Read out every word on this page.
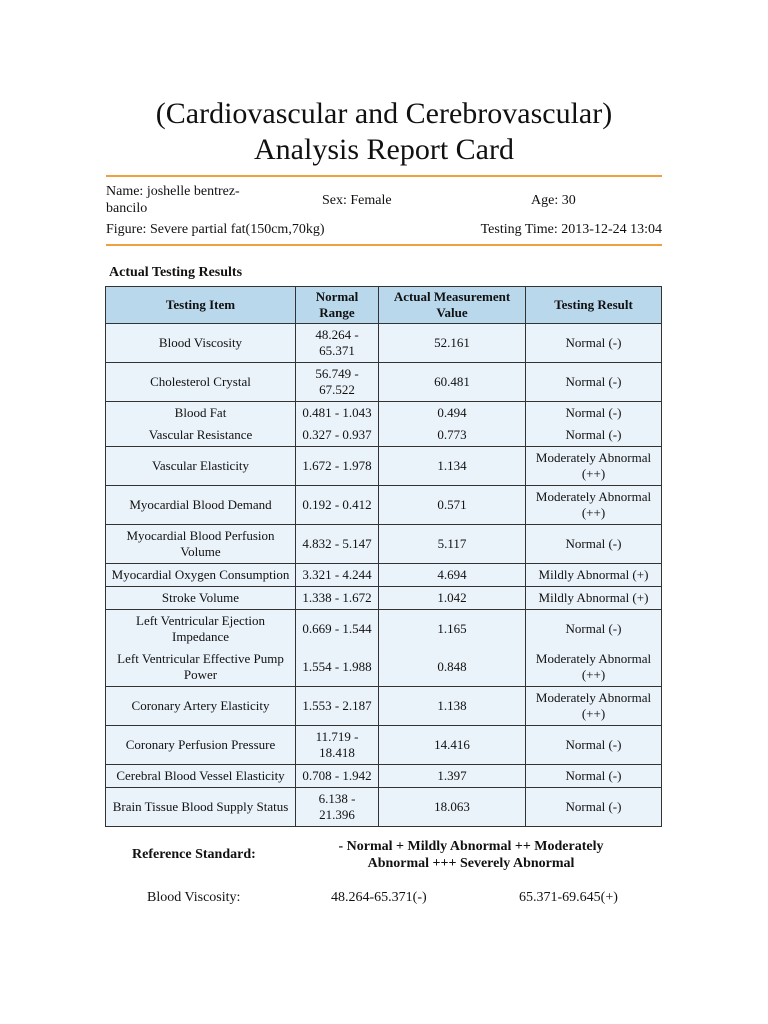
(Cardiovascular and Cerebrovascular)
Analysis Report Card
Name: joshelle bentrez-bancilo
Sex: Female	Age: 30
Figure: Severe partial fat(150cm,70kg)	Testing Time: 2013-12-24 13:04
Actual Testing Results
Testing Item	Normal Range	Actual Measurement Value	Testing Result
Blood Viscosity	48.264 - 65.371	52.161	Normal (-)
Cholesterol Crystal	56.749 - 67.522	60.481	Normal (-)
Blood Fat	0.481 - 1.043	0.494	Normal (-)
Vascular Resistance	0.327 - 0.937	0.773	Normal (-)
Vascular Elasticity	1.672 - 1.978	1.134	Moderately Abnormal (++)
Myocardial Blood Demand	0.192 - 0.412	0.571	Moderately Abnormal (++)
Myocardial Blood Perfusion Volume	4.832 - 5.147	5.117	Normal (-)
Myocardial Oxygen Consumption	3.321 - 4.244	4.694	Mildly Abnormal (+)
Stroke Volume	1.338 - 1.672	1.042	Mildly Abnormal (+)
Left Ventricular Ejection Impedance	0.669 - 1.544	1.165	Normal (-)
Left Ventricular Effective Pump Power	1.554 - 1.988	0.848	Moderately Abnormal (++)
Coronary Artery Elasticity	1.553 - 2.187	1.138	Moderately Abnormal (++)
Coronary Perfusion Pressure	11.719 - 18.418	14.416	Normal (-)
Cerebral Blood Vessel Elasticity	0.708 - 1.942	1.397	Normal (-)
Brain Tissue Blood Supply Status	6.138 - 21.396	18.063	Normal (-)
Reference Standard:
- Normal + Mildly Abnormal ++ Moderately Abnormal +++ Severely Abnormal
Blood Viscosity:	48.264-65.371(-)	65.371-69.645(+)
